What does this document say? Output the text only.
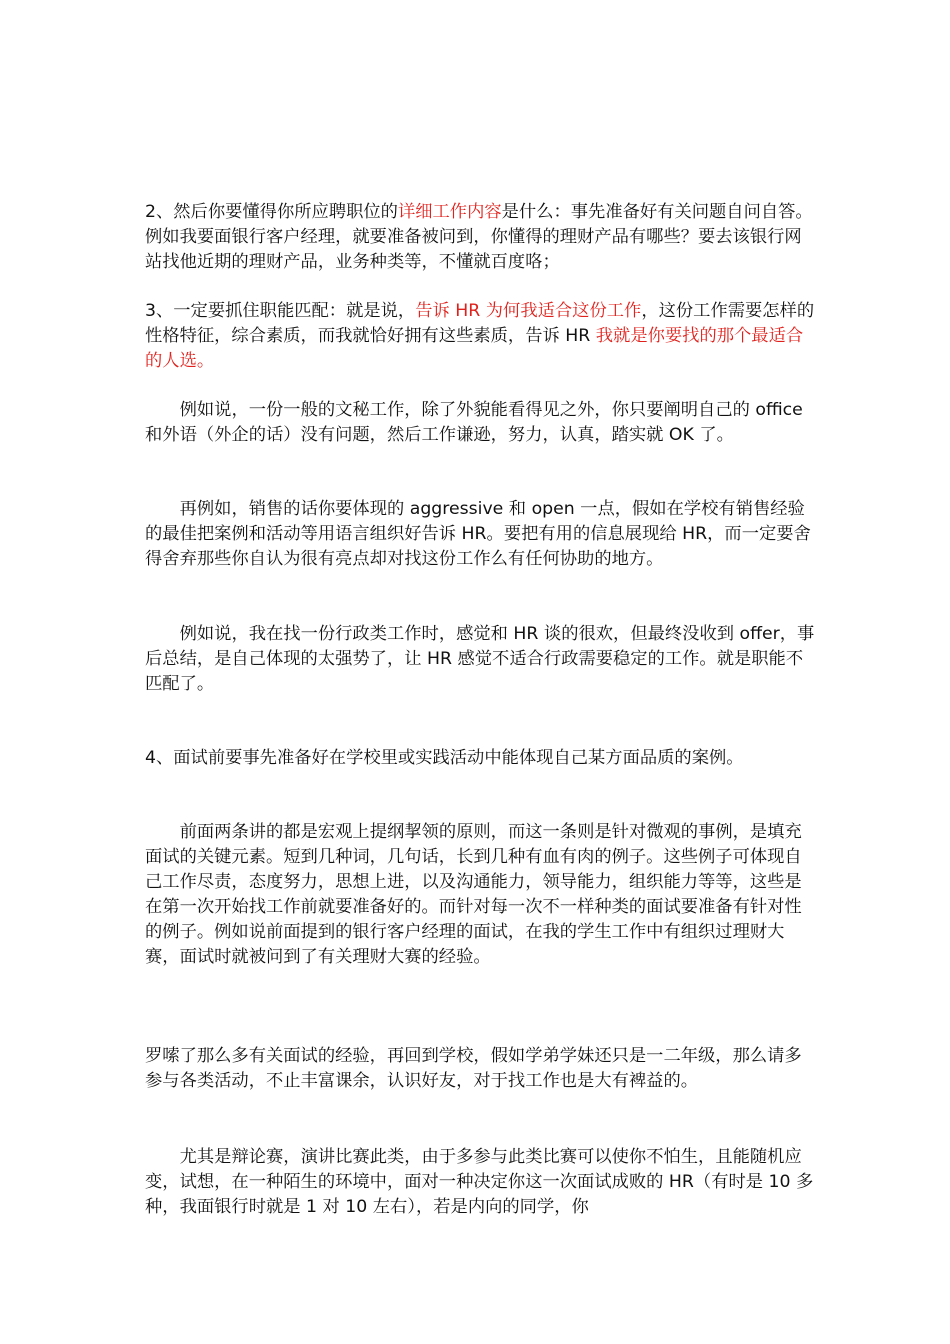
2、然后你要懂得你所应聘职位的详细工作内容是什么：事先准备好有关问题自问自答。例如我要面银行客户经理，就要准备被问到，你懂得的理财产品有哪些？要去该银行网站找他近期的理财产品，业务种类等，不懂就百度咯；

3、一定要抓住职能匹配：就是说，告诉 HR 为何我适合这份工作，这份工作需要怎样的性格特征，综合素质，而我就恰好拥有这些素质，告诉 HR 我就是你要找的那个最适合的人选。

例如说，一份一般的文秘工作，除了外貌能看得见之外，你只要阐明自己的 office 和外语（外企的话）没有问题，然后工作谦逊，努力，认真，踏实就 OK 了。

再例如，销售的话你要体现的 aggressive 和 open 一点，假如在学校有销售经验的最佳把案例和活动等用语言组织好告诉 HR。要把有用的信息展现给 HR，而一定要舍得舍弃那些你自认为很有亮点却对找这份工作么有任何协助的地方。

例如说，我在找一份行政类工作时，感觉和 HR 谈的很欢，但最终没收到 offer，事后总结，是自己体现的太强势了，让 HR 感觉不适合行政需要稳定的工作。就是职能不匹配了。

4、面试前要事先准备好在学校里或实践活动中能体现自己某方面品质的案例。

前面两条讲的都是宏观上提纲挈领的原则，而这一条则是针对微观的事例，是填充面试的关键元素。短到几种词，几句话，长到几种有血有肉的例子。这些例子可体现自己工作尽责，态度努力，思想上进，以及沟通能力，领导能力，组织能力等等，这些是在第一次开始找工作前就要准备好的。而针对每一次不一样种类的面试要准备有针对性的例子。例如说前面提到的银行客户经理的面试，在我的学生工作中有组织过理财大赛，面试时就被问到了有关理财大赛的经验。

罗嗦了那么多有关面试的经验，再回到学校，假如学弟学妹还只是一二年级，那么请多参与各类活动，不止丰富课余，认识好友，对于找工作也是大有裨益的。

尤其是辩论赛，演讲比赛此类，由于多参与此类比赛可以使你不怕生，且能随机应变，试想，在一种陌生的环境中，面对一种决定你这一次面试成败的 HR（有时是 10 多种，我面银行时就是 1 对 10 左右），若是内向的同学，你
